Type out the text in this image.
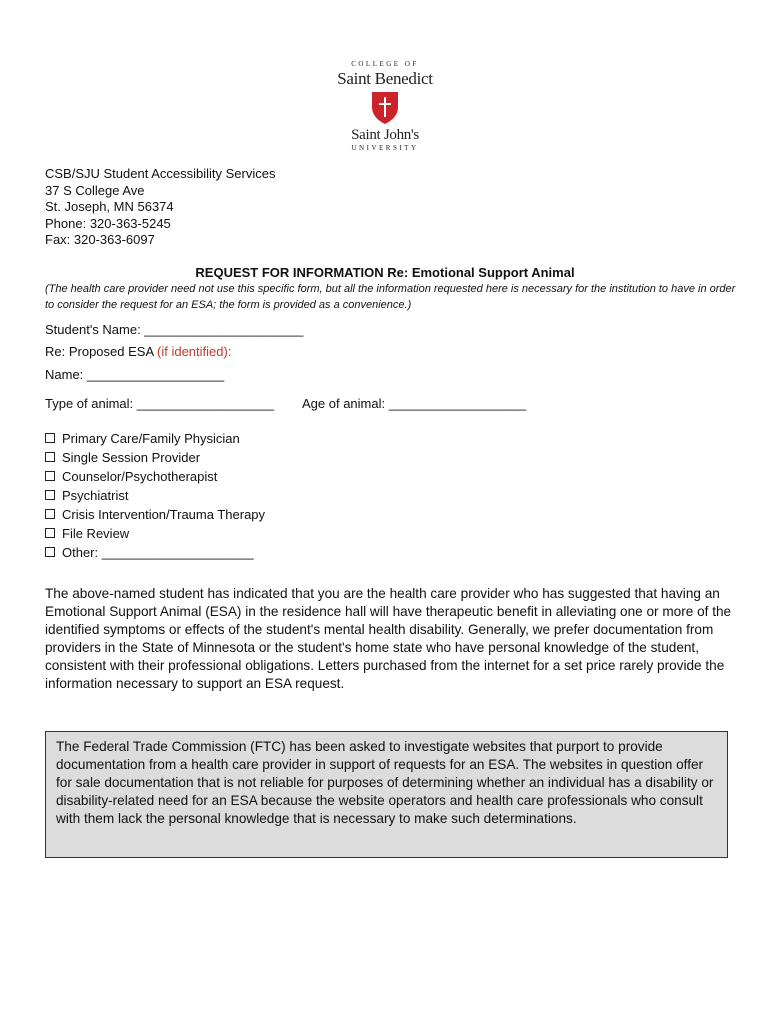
COLLEGE OF
Saint Benedict
Saint John's
UNIVERSITY
CSB/SJU Student Accessibility Services
37 S College Ave
St. Joseph, MN 56374
Phone: 320-363-5245
Fax: 320-363-6097
REQUEST FOR INFORMATION Re: Emotional Support Animal
(The health care provider need not use this specific form, but all the information requested here is necessary for the institution to have in order to consider the request for an ESA; the form is provided as a convenience.)
Student's Name: ______________________
Re: Proposed ESA (if identified):
Name: ___________________
Type of animal: ___________________ Age of animal: ___________________
Primary Care/Family Physician
Single Session Provider
Counselor/Psychotherapist
Psychiatrist
Crisis Intervention/Trauma Therapy
File Review
Other: _____________________
The above-named student has indicated that you are the health care provider who has suggested that having an Emotional Support Animal (ESA) in the residence hall will have therapeutic benefit in alleviating one or more of the identified symptoms or effects of the student's mental health disability. Generally, we prefer documentation from providers in the State of Minnesota or the student's home state who have personal knowledge of the student, consistent with their professional obligations. Letters purchased from the internet for a set price rarely provide the information necessary to support an ESA request.
The Federal Trade Commission (FTC) has been asked to investigate websites that purport to provide documentation from a health care provider in support of requests for an ESA. The websites in question offer for sale documentation that is not reliable for purposes of determining whether an individual has a disability or disability-related need for an ESA because the website operators and health care professionals who consult with them lack the personal knowledge that is necessary to make such determinations.
